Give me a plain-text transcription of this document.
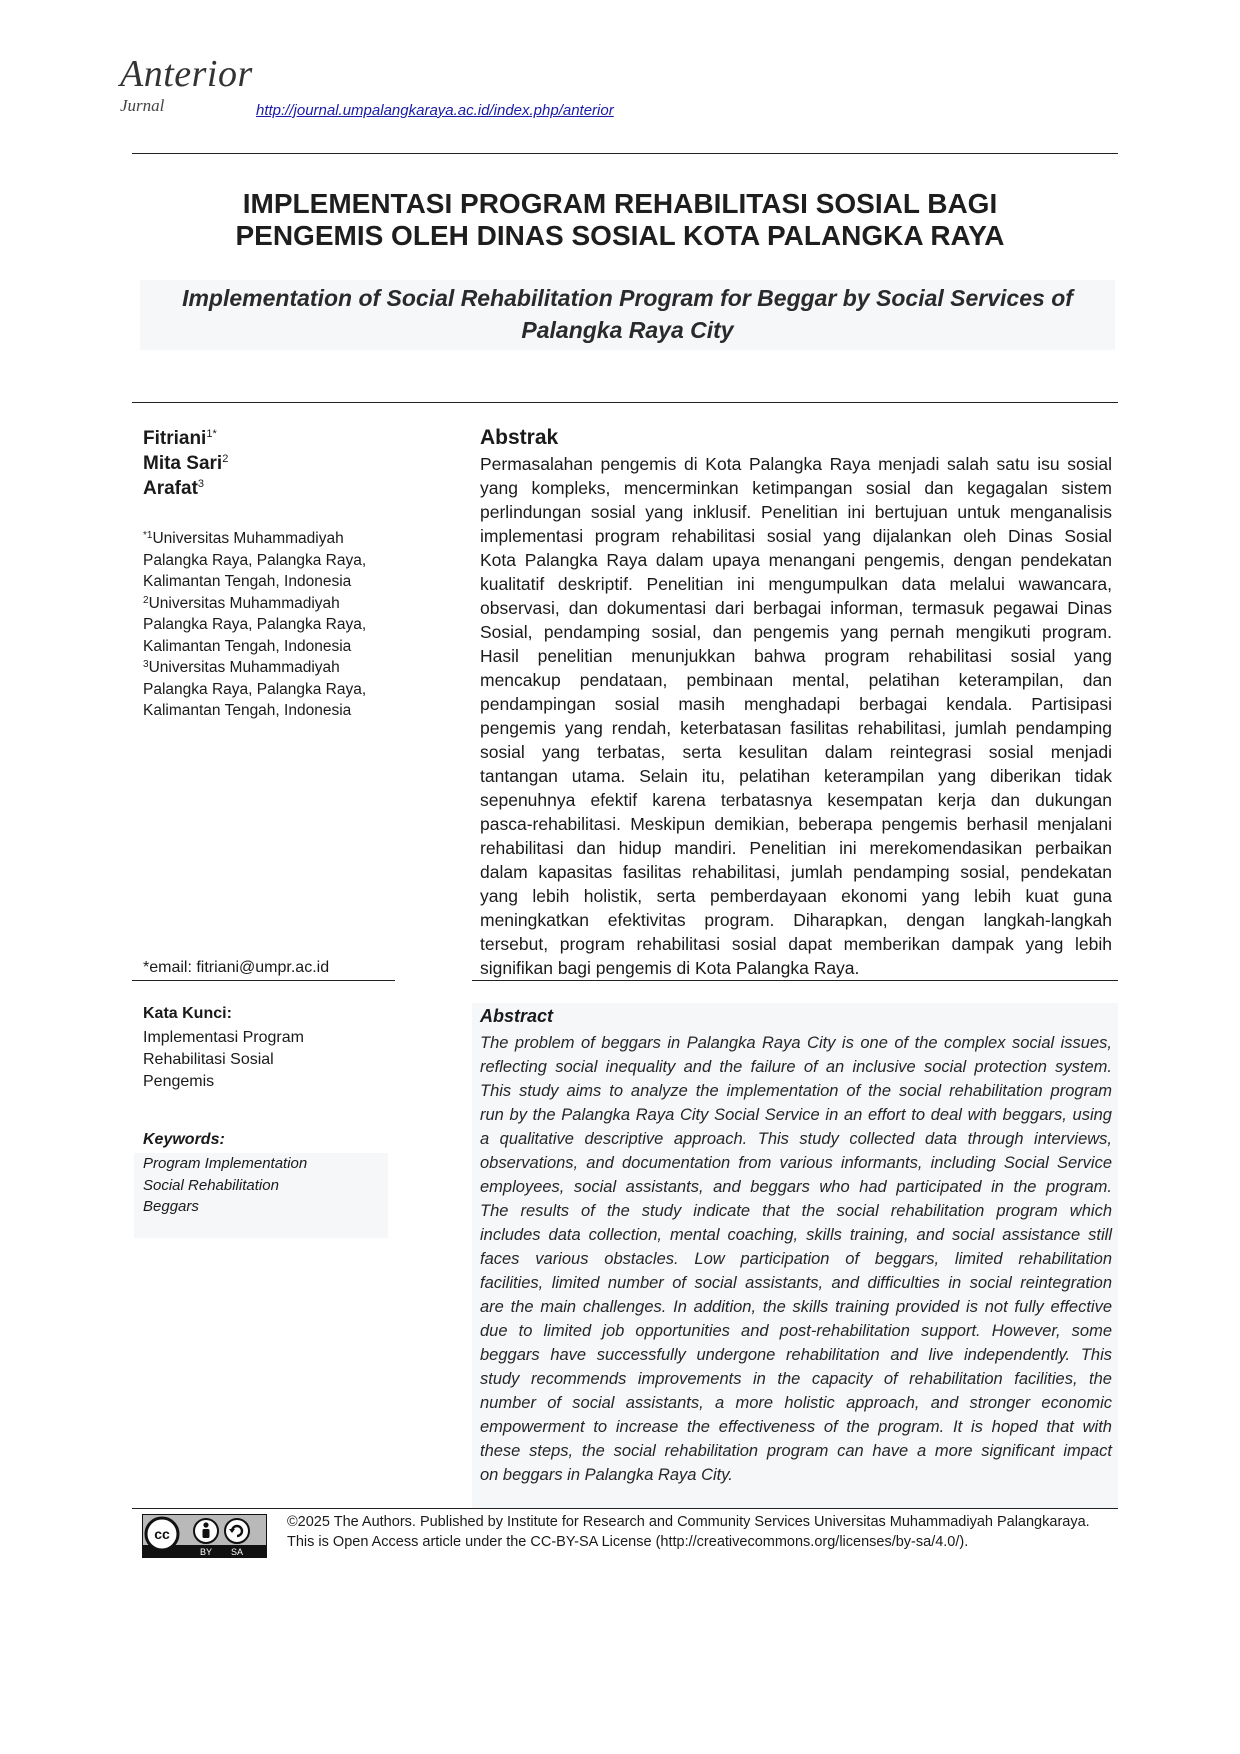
Anterior
Jurnal	http://journal.umpalangkaraya.ac.id/index.php/anterior
IMPLEMENTASI PROGRAM REHABILITASI SOSIAL BAGI
PENGEMIS OLEH DINAS SOSIAL KOTA PALANGKA RAYA
Implementation of Social Rehabilitation Program for Beggar by Social Services of
Palangka Raya City
Fitriani$^{1*}$
Mita Sari$^2$
Arafat$^3$
$^{*1}$Universitas Muhammadiyah
Palangka Raya, Palangka Raya,
Kalimantan Tengah, Indonesia
$^2$Universitas Muhammadiyah
Palangka Raya, Palangka Raya,
Kalimantan Tengah, Indonesia
$^3$Universitas Muhammadiyah
Palangka Raya, Palangka Raya,
Kalimantan Tengah, Indonesia
*email: fitriani@umpr.ac.id
Kata Kunci:
Implementasi Program
Rehabilitasi Sosial
Pengemis
Keywords:
Program Implementation
Social Rehabilitation
Beggars
Abstrak
Permasalahan pengemis di Kota Palangka Raya menjadi salah satu isu sosial
yang kompleks, mencerminkan ketimpangan sosial dan kegagalan sistem
perlindungan sosial yang inklusif. Penelitian ini bertujuan untuk menganalisis
implementasi program rehabilitasi sosial yang dijalankan oleh Dinas Sosial
Kota Palangka Raya dalam upaya menangani pengemis, dengan pendekatan
kualitatif deskriptif. Penelitian ini mengumpulkan data melalui wawancara,
observasi, dan dokumentasi dari berbagai informan, termasuk pegawai Dinas
Sosial, pendamping sosial, dan pengemis yang pernah mengikuti program.
Hasil penelitian menunjukkan bahwa program rehabilitasi sosial yang
mencakup pendataan, pembinaan mental, pelatihan keterampilan, dan
pendampingan sosial masih menghadapi berbagai kendala. Partisipasi
pengemis yang rendah, keterbatasan fasilitas rehabilitasi, jumlah pendamping
sosial yang terbatas, serta kesulitan dalam reintegrasi sosial menjadi
tantangan utama. Selain itu, pelatihan keterampilan yang diberikan tidak
sepenuhnya efektif karena terbatasnya kesempatan kerja dan dukungan
pasca-rehabilitasi. Meskipun demikian, beberapa pengemis berhasil menjalani
rehabilitasi dan hidup mandiri. Penelitian ini merekomendasikan perbaikan
dalam kapasitas fasilitas rehabilitasi, jumlah pendamping sosial, pendekatan
yang lebih holistik, serta pemberdayaan ekonomi yang lebih kuat guna
meningkatkan efektivitas program. Diharapkan, dengan langkah-langkah
tersebut, program rehabilitasi sosial dapat memberikan dampak yang lebih
signifikan bagi pengemis di Kota Palangka Raya.
Abstract
The problem of beggars in Palangka Raya City is one of the complex social issues,
reflecting social inequality and the failure of an inclusive social protection system.
This study aims to analyze the implementation of the social rehabilitation program
run by the Palangka Raya City Social Service in an effort to deal with beggars, using
a qualitative descriptive approach. This study collected data through interviews,
observations, and documentation from various informants, including Social Service
employees, social assistants, and beggars who had participated in the program.
The results of the study indicate that the social rehabilitation program which
includes data collection, mental coaching, skills training, and social assistance still
faces various obstacles. Low participation of beggars, limited rehabilitation
facilities, limited number of social assistants, and difficulties in social reintegration
are the main challenges. In addition, the skills training provided is not fully effective
due to limited job opportunities and post-rehabilitation support. However, some
beggars have successfully undergone rehabilitation and live independently. This
study recommends improvements in the capacity of rehabilitation facilities, the
number of social assistants, a more holistic approach, and stronger economic
empowerment to increase the effectiveness of the program. It is hoped that with
these steps, the social rehabilitation program can have a more significant impact
on beggars in Palangka Raya City.
cc
BY SA
©2025 The Authors. Published by Institute for Research and Community Services Universitas Muhammadiyah Palangkaraya.
This is Open Access article under the CC-BY-SA License (http://creativecommons.org/licenses/by-sa/4.0/).
